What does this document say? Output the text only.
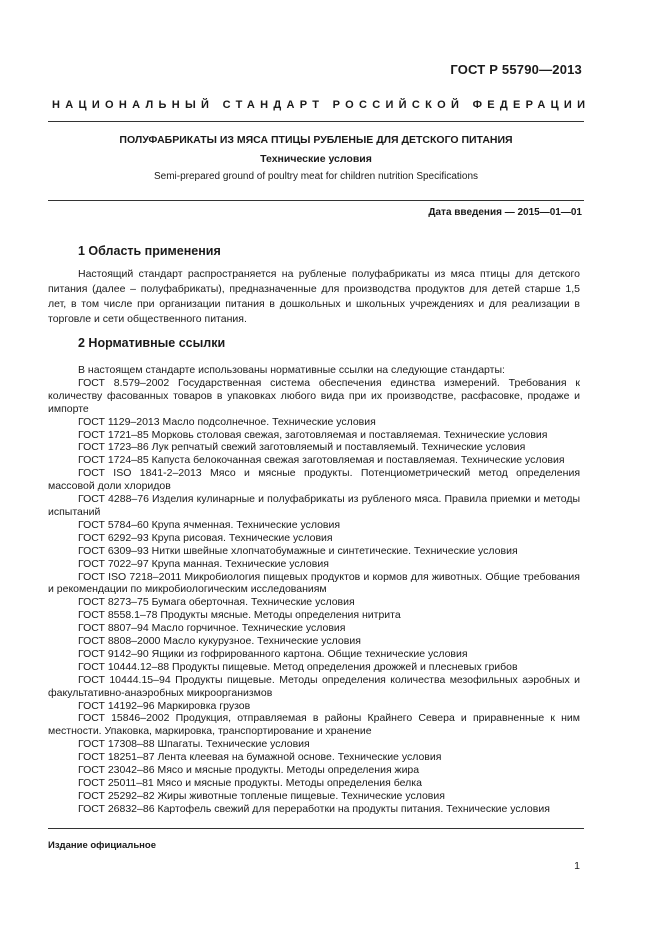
ГОСТ Р 55790—2013
НАЦИОНАЛЬНЫЙ СТАНДАРТ РОССИЙСКОЙ ФЕДЕРАЦИИ
ПОЛУФАБРИКАТЫ ИЗ МЯСА ПТИЦЫ РУБЛЕНЫЕ ДЛЯ ДЕТСКОГО ПИТАНИЯ
Технические условия
Semi-prepared ground of poultry meat for children nutrition Specifications
Дата введения — 2015—01—01
1 Область применения
Настоящий стандарт распространяется на рубленые полуфабрикаты из мяса птицы для детского питания (далее – полуфабрикаты), предназначенные для производства продуктов для детей старше 1,5 лет, в том числе при организации питания в дошкольных и школьных учреждениях и для реализации в торговле и сети общественного питания.
2 Нормативные ссылки

В настоящем стандарте использованы нормативные ссылки на следующие стандарты:

ГОСТ 8.579–2002 Государственная система обеспечения единства измерений. Требования к количеству фасованных товаров в упаковках любого вида при их производстве, расфасовке, продаже и импорте

ГОСТ 1129–2013 Масло подсолнечное. Технические условия

ГОСТ 1721–85 Морковь столовая свежая, заготовляемая и поставляемая. Технические условия

ГОСТ 1723–86 Лук репчатый свежий заготовляемый и поставляемый. Технические условия

ГОСТ 1724–85 Капуста белокочанная свежая заготовляемая и поставляемая. Технические условия

ГОСТ ISO 1841-2–2013 Мясо и мясные продукты. Потенциометрический метод определения массовой доли хлоридов

ГОСТ 4288–76 Изделия кулинарные и полуфабрикаты из рубленого мяса. Правила приемки и методы испытаний

ГОСТ 5784–60 Крупа ячменная. Технические условия

ГОСТ 6292–93 Крупа рисовая. Технические условия

ГОСТ 6309–93 Нитки швейные хлопчатобумажные и синтетические. Технические условия

ГОСТ 7022–97 Крупа манная. Технические условия

ГОСТ ISO 7218–2011 Микробиология пищевых продуктов и кормов для животных. Общие требования и рекомендации по микробиологическим исследованиям

ГОСТ 8273–75 Бумага оберточная. Технические условия

ГОСТ 8558.1–78 Продукты мясные. Методы определения нитрита

ГОСТ 8807–94 Масло горчичное. Технические условия

ГОСТ 8808–2000 Масло кукурузное. Технические условия

ГОСТ 9142–90 Ящики из гофрированного картона. Общие технические условия

ГОСТ 10444.12–88 Продукты пищевые. Метод определения дрожжей и плесневых грибов

ГОСТ 10444.15–94 Продукты пищевые. Методы определения количества мезофильных аэробных и факультативно-анаэробных микроорганизмов

ГОСТ 14192–96 Маркировка грузов

ГОСТ 15846–2002 Продукция, отправляемая в районы Крайнего Севера и приравненные к ним местности. Упаковка, маркировка, транспортирование и хранение

ГОСТ 17308–88 Шпагаты. Технические условия

ГОСТ 18251–87 Лента клеевая на бумажной основе. Технические условия

ГОСТ 23042–86 Мясо и мясные продукты. Методы определения жира

ГОСТ 25011–81 Мясо и мясные продукты. Методы определения белка

ГОСТ 25292–82 Жиры животные топленые пищевые. Технические условия

ГОСТ 26832–86 Картофель свежий для переработки на продукты питания. Технические условия

Издание официальное
1
